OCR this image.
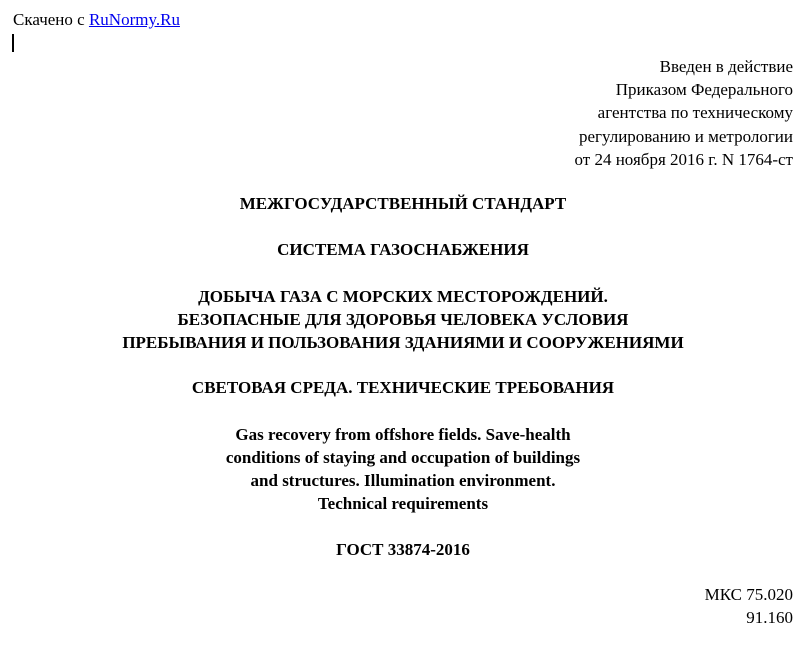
Скачено с RuNormy.Ru
Введен в действие
Приказом Федерального
агентства по техническому
регулированию и метрологии
от 24 ноября 2016 г. N 1764-ст
МЕЖГОСУДАРСТВЕННЫЙ СТАНДАРТ
СИСТЕМА ГАЗОСНАБЖЕНИЯ
ДОБЫЧА ГАЗА С МОРСКИХ МЕСТОРОЖДЕНИЙ.
БЕЗОПАСНЫЕ ДЛЯ ЗДОРОВЬЯ ЧЕЛОВЕКА УСЛОВИЯ
ПРЕБЫВАНИЯ И ПОЛЬЗОВАНИЯ ЗДАНИЯМИ И СООРУЖЕНИЯМИ
СВЕТОВАЯ СРЕДА. ТЕХНИЧЕСКИЕ ТРЕБОВАНИЯ
Gas recovery from offshore fields. Save-health
conditions of staying and occupation of buildings
and structures. Illumination environment.
Technical requirements
ГОСТ 33874-2016
МКС 75.020
91.160
